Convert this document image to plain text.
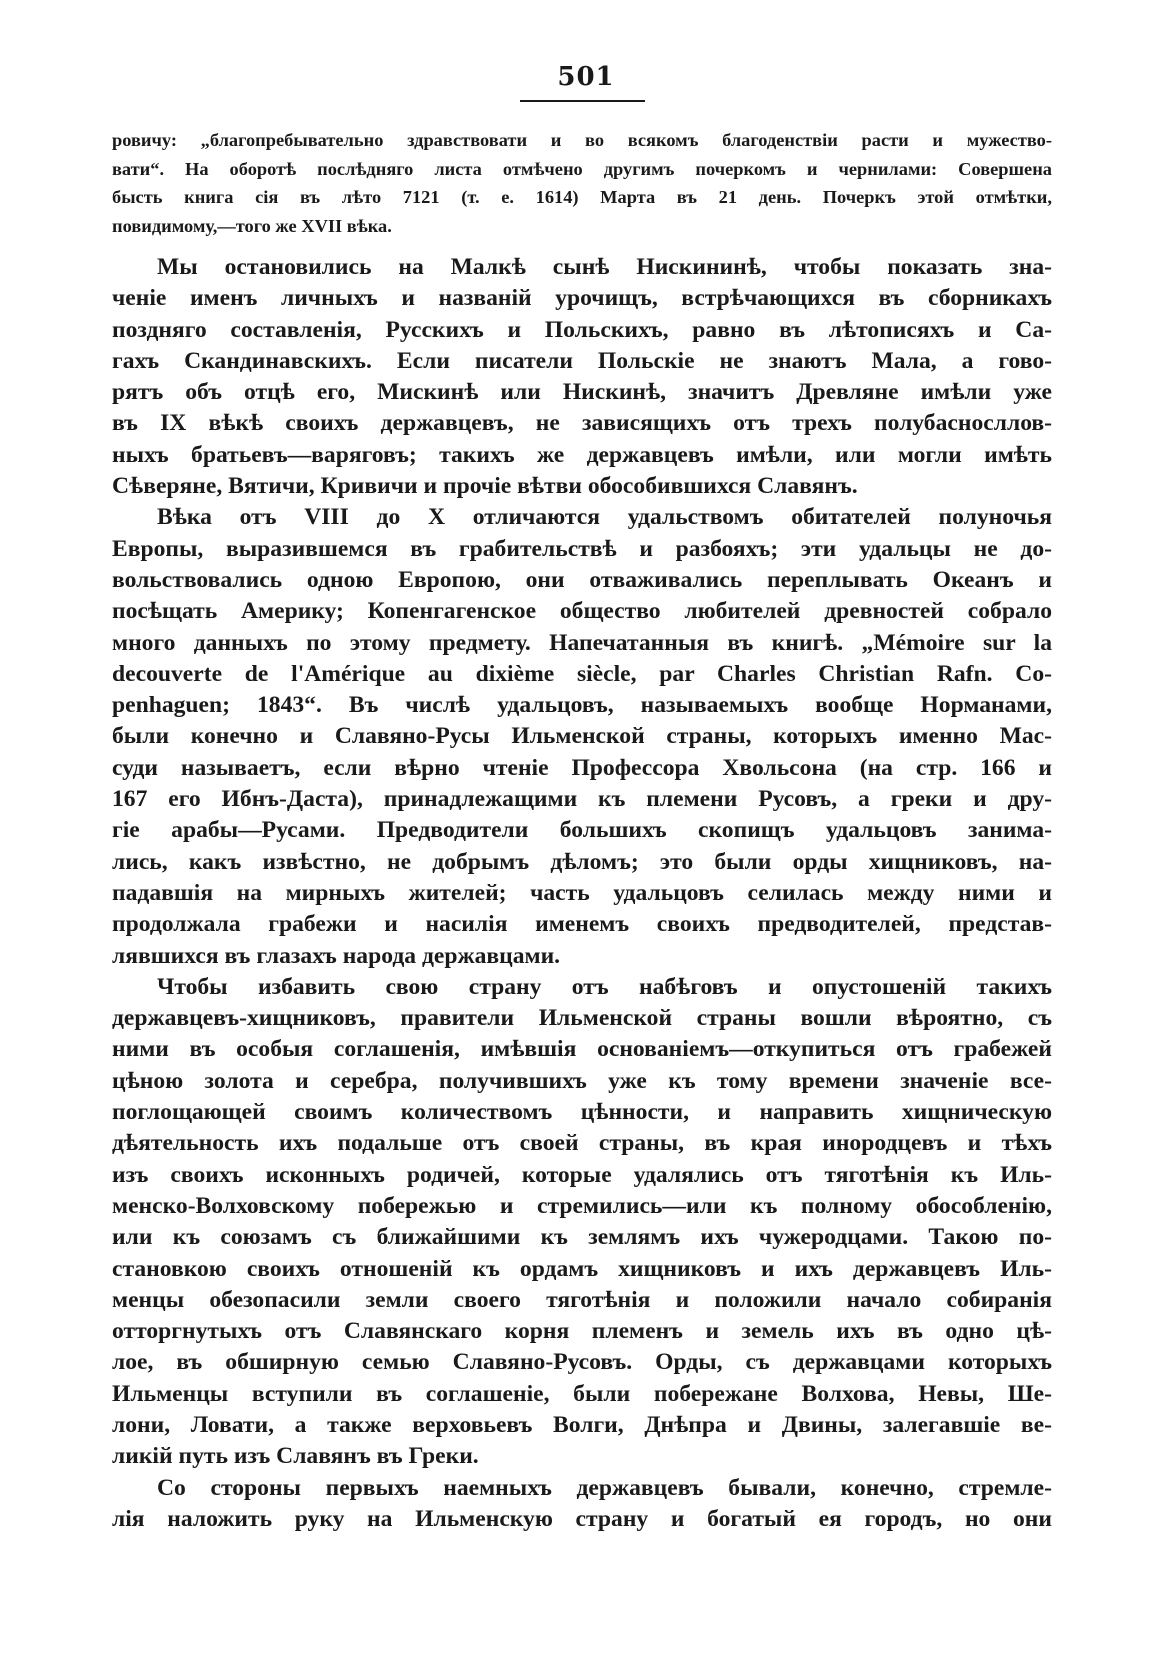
501
ровичу: „благопребывательно здравствовати и во всякомъ благоденствіи расти и мужество-
вати“. На оборотѣ послѣдняго листа отмѣчено другимъ почеркомъ и чернилами: Совершена
бысть книга сія въ лѣто 7121 (т. е. 1614) Марта въ 21 день. Почеркъ этой отмѣтки,
повидимому,—того же XVII вѣка.
Мы остановились на Малкѣ сынѣ Нискининѣ, чтобы показать зна-
ченіе именъ личныхъ и названій урочищъ, встрѣчающихся въ сборникахъ
поздняго составленія, Русскихъ и Польскихъ, равно въ лѣтописяхъ и Са-
гахъ Скандинавскихъ. Если писатели Польскіе не знаютъ Мала, а гово-
рятъ объ отцѣ его, Мискинѣ или Нискинѣ, значитъ Древляне имѣли уже
въ IX вѣкѣ своихъ державцевъ, не зависящихъ отъ трехъ полубасносллов-
ныхъ братьевъ—варяговъ; такихъ же державцевъ имѣли, или могли имѣть
Сѣверяне, Вятичи, Кривичи и прочіе вѣтви обособившихся Славянъ.
Вѣка отъ VIII до X отличаются удальствомъ обитателей полуночья
Европы, выразившемся въ грабительствѣ и разбояхъ; эти удальцы не до-
вольствовались одною Европою, они отваживались переплывать Океанъ и
посѣщать Америку; Копенгагенское общество любителей древностей собрало
много данныхъ по этому предмету. Напечатанныя въ книгѣ. „Mémoire sur la
decouverte de l'Amérique au dixième siècle, par Charles Christian Rafn. Co-
penhaguen; 1843“. Въ числѣ удальцовъ, называемыхъ вообще Норманами,
были конечно и Славяно-Русы Ильменской страны, которыхъ именно Мас-
суди называетъ, если вѣрно чтеніе Профессора Хвольсона (на стр. 166 и
167 его Ибнъ-Даста), принадлежащими къ племени Русовъ, а греки и дру-
гіе арабы—Русами. Предводители большихъ скопищъ удальцовъ занима-
лись, какъ извѣстно, не добрымъ дѣломъ; это были орды хищниковъ, на-
падавшія на мирныхъ жителей; часть удальцовъ селилась между ними и
продолжала грабежи и насилія именемъ своихъ предводителей, представ-
лявшихся въ глазахъ народа державцами.
Чтобы избавить свою страну отъ набѣговъ и опустошеній такихъ
державцевъ-хищниковъ, правители Ильменской страны вошли вѣроятно, съ
ними въ особыя соглашенія, имѣвшія основаніемъ—откупиться отъ грабежей
цѣною золота и серебра, получившихъ уже къ тому времени значеніе все-
поглощающей своимъ количествомъ цѣнности, и направить хищническую
дѣятельность ихъ подальше отъ своей страны, въ края инородцевъ и тѣхъ
изъ своихъ исконныхъ родичей, которые удалялись отъ тяготѣнія къ Иль-
менско-Волховскому побережью и стремились—или къ полному обособленію,
или къ союзамъ съ ближайшими къ землямъ ихъ чужеродцами. Такою по-
становкою своихъ отношеній къ ордамъ хищниковъ и ихъ державцевъ Иль-
менцы обезопасили земли своего тяготѣнія и положили начало собиранія
отторгнутыхъ отъ Славянскаго корня племенъ и земель ихъ въ одно цѣ-
лое, въ обширную семью Славяно-Русовъ. Орды, съ державцами которыхъ
Ильменцы вступили въ соглашеніе, были побережане Волхова, Невы, Ше-
лони, Ловати, а также верховьевъ Волги, Днѣпра и Двины, залегавшіе ве-
ликій путь изъ Славянъ въ Греки.
Со стороны первыхъ наемныхъ державцевъ бывали, конечно, стремле-
лія наложить руку на Ильменскую страну и богатый ея городъ, но они
